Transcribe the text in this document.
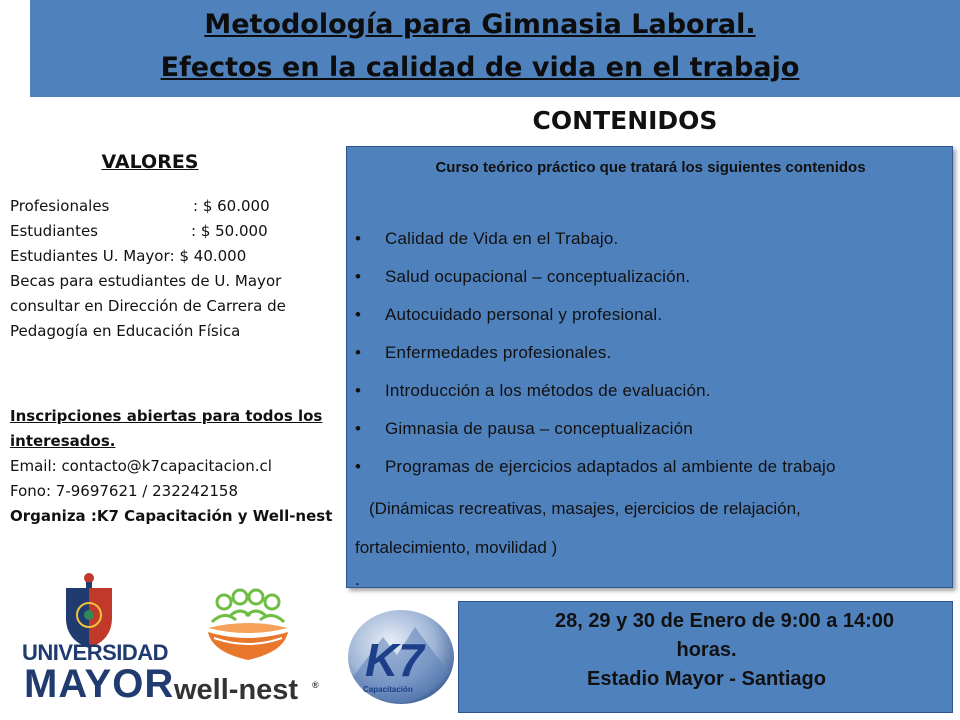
Metodología para Gimnasia Laboral.
Efectos en la calidad de vida en el trabajo
CONTENIDOS
VALORES
Profesionales	: $ 60.000
Estudiantes	: $ 50.000
Estudiantes U. Mayor : $ 40.000
Becas para estudiantes de U. Mayor
consultar en Dirección de Carrera de
Pedagogía en Educación Física
Inscripciones abiertas para todos los
interesados.
Email: contacto@k7capacitacion.cl
Fono: 7-9697621 / 232242158
Organiza :K7 Capacitación y Well-nest
Curso teórico práctico que tratará los siguientes contenidos
• Calidad de Vida en el Trabajo.
• Salud ocupacional – conceptualización.
• Autocuidado personal y profesional.
• Enfermedades profesionales.
• Introducción a los métodos de evaluación.
• Gimnasia de pausa – conceptualización
• Programas de ejercicios adaptados al ambiente de trabajo
(Dinámicas recreativas, masajes, ejercicios de relajación,
fortalecimiento, movilidad )
.
28, 29 y 30 de Enero de 9:00 a 14:00
horas.
Estadio Mayor - Santiago
UNIVERSIDAD
MAYOR well-nest ® K7
Capacitación
